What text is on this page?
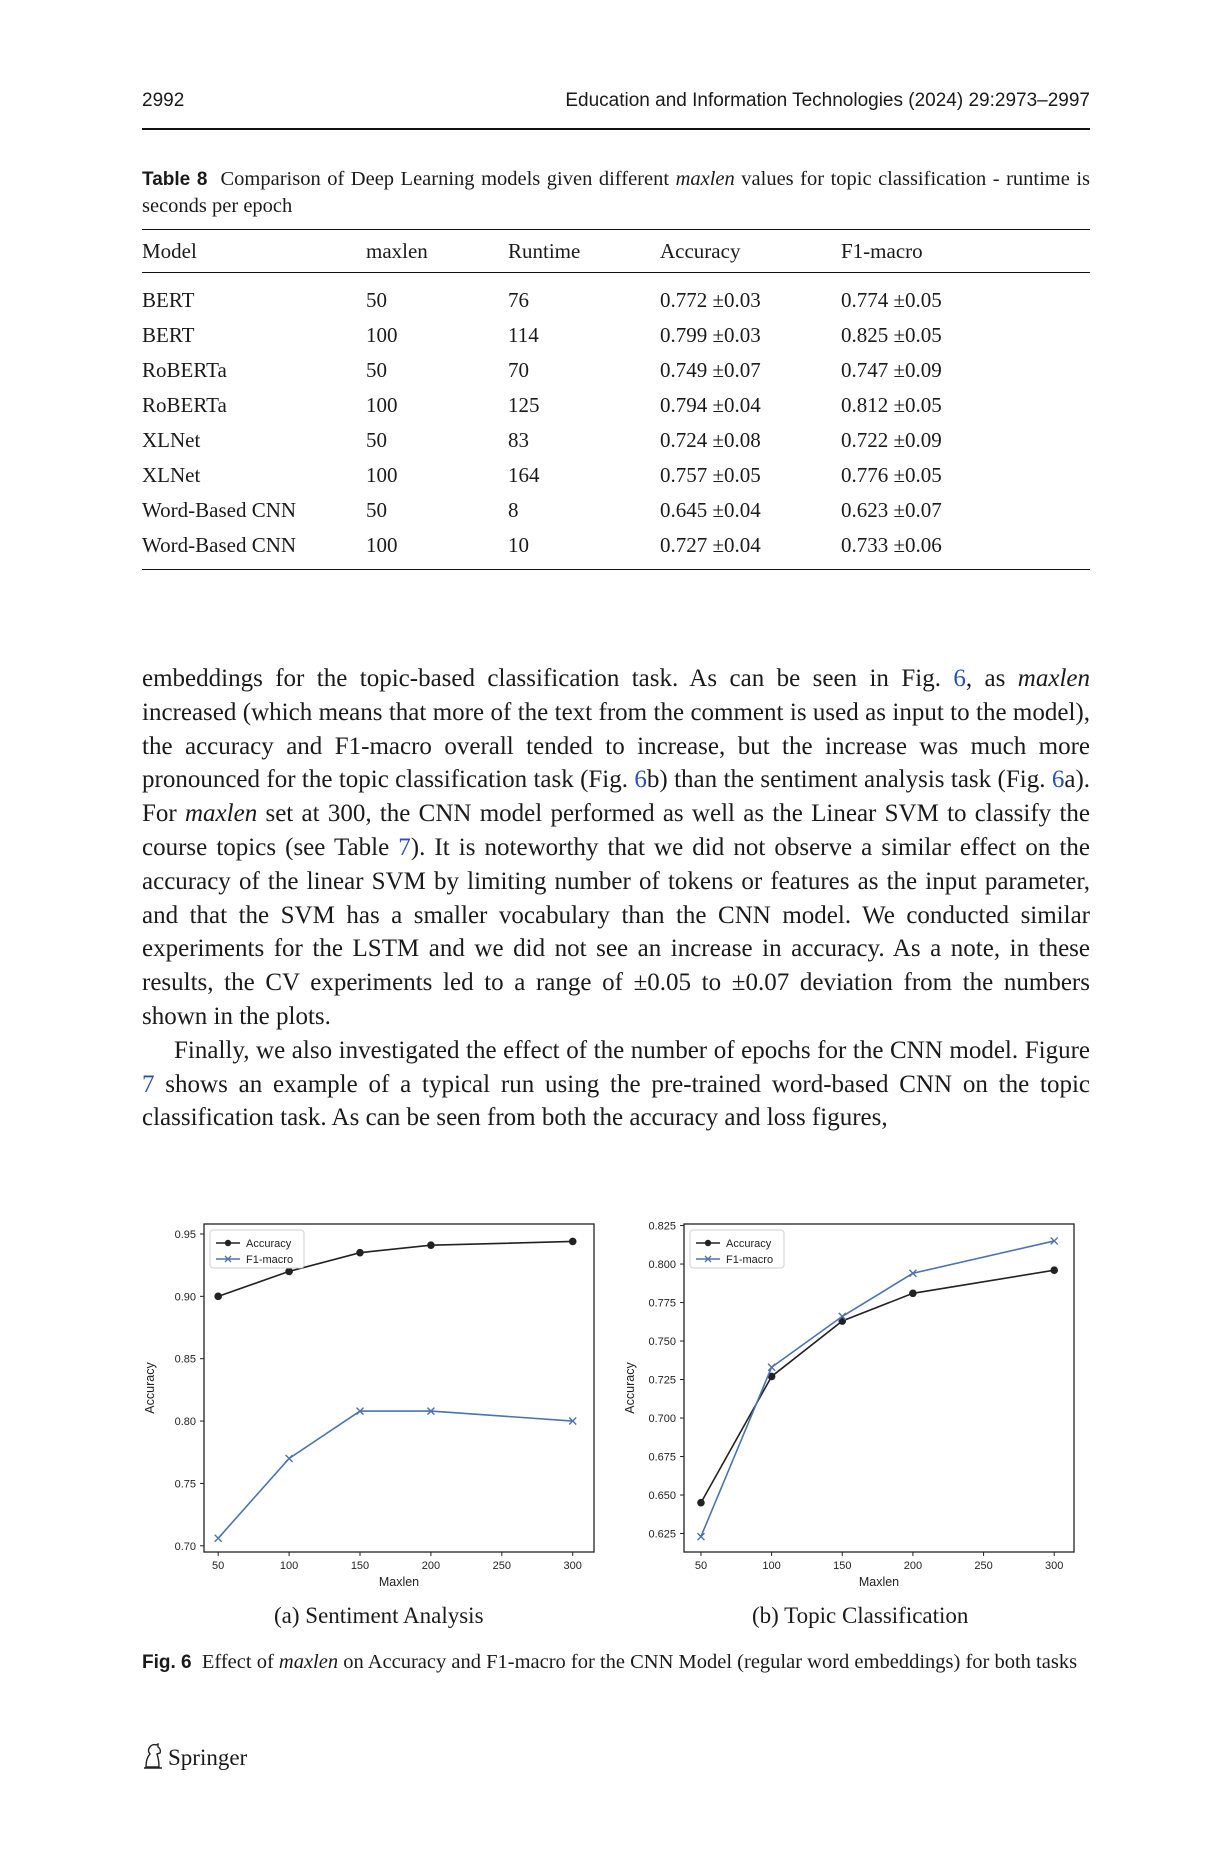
2992	Education and Information Technologies (2024) 29:2973–2997
Table 8 Comparison of Deep Learning models given different maxlen values for topic classification - runtime is seconds per epoch
Model	maxlen	Runtime	Accuracy	F1-macro
BERT	50	76	0.772 ±0.03	0.774 ±0.05
BERT	100	114	0.799 ±0.03	0.825 ±0.05
RoBERTa	50	70	0.749 ±0.07	0.747 ±0.09
RoBERTa	100	125	0.794 ±0.04	0.812 ±0.05
XLNet	50	83	0.724 ±0.08	0.722 ±0.09
XLNet	100	164	0.757 ±0.05	0.776 ±0.05
Word-Based CNN	50	8	0.645 ±0.04	0.623 ±0.07
Word-Based CNN	100	10	0.727 ±0.04	0.733 ±0.06

embeddings for the topic-based classification task. As can be seen in Fig. 6, as maxlen increased (which means that more of the text from the comment is used as input to the model), the accuracy and F1-macro overall tended to increase, but the increase was much more pronounced for the topic classification task (Fig. 6b) than the sentiment analysis task (Fig. 6a). For maxlen set at 300, the CNN model performed as well as the Linear SVM to classify the course topics (see Table 7). It is noteworthy that we did not observe a similar effect on the accuracy of the linear SVM by limiting number of tokens or features as the input parameter, and that the SVM has a smaller vocabulary than the CNN model. We conducted similar experiments for the LSTM and we did not see an increase in accuracy. As a note, in these results, the CV experiments led to a range of ±0.05 to ±0.07 deviation from the numbers shown in the plots.

Finally, we also investigated the effect of the number of epochs for the CNN model. Figure 7 shows an example of a typical run using the pre-trained word-based CNN on the topic classification task. As can be seen from both the accuracy and loss figures,

50	100	150	200	250	300
0.70
0.75
0.80
0.85
0.90
0.95
Maxlen
Accuracy
Accuracy
F1-macro
50	100	150	200	250	300
0.625
0.650
0.675
0.700
0.725
0.750
0.775
0.800
0.825
Maxlen
Accuracy
Accuracy
F1-macro
(a) Sentiment Analysis	(b) Topic Classification
Fig. 6 Effect of maxlen on Accuracy and F1-macro for the CNN Model (regular word embeddings) for both tasks
Springer
